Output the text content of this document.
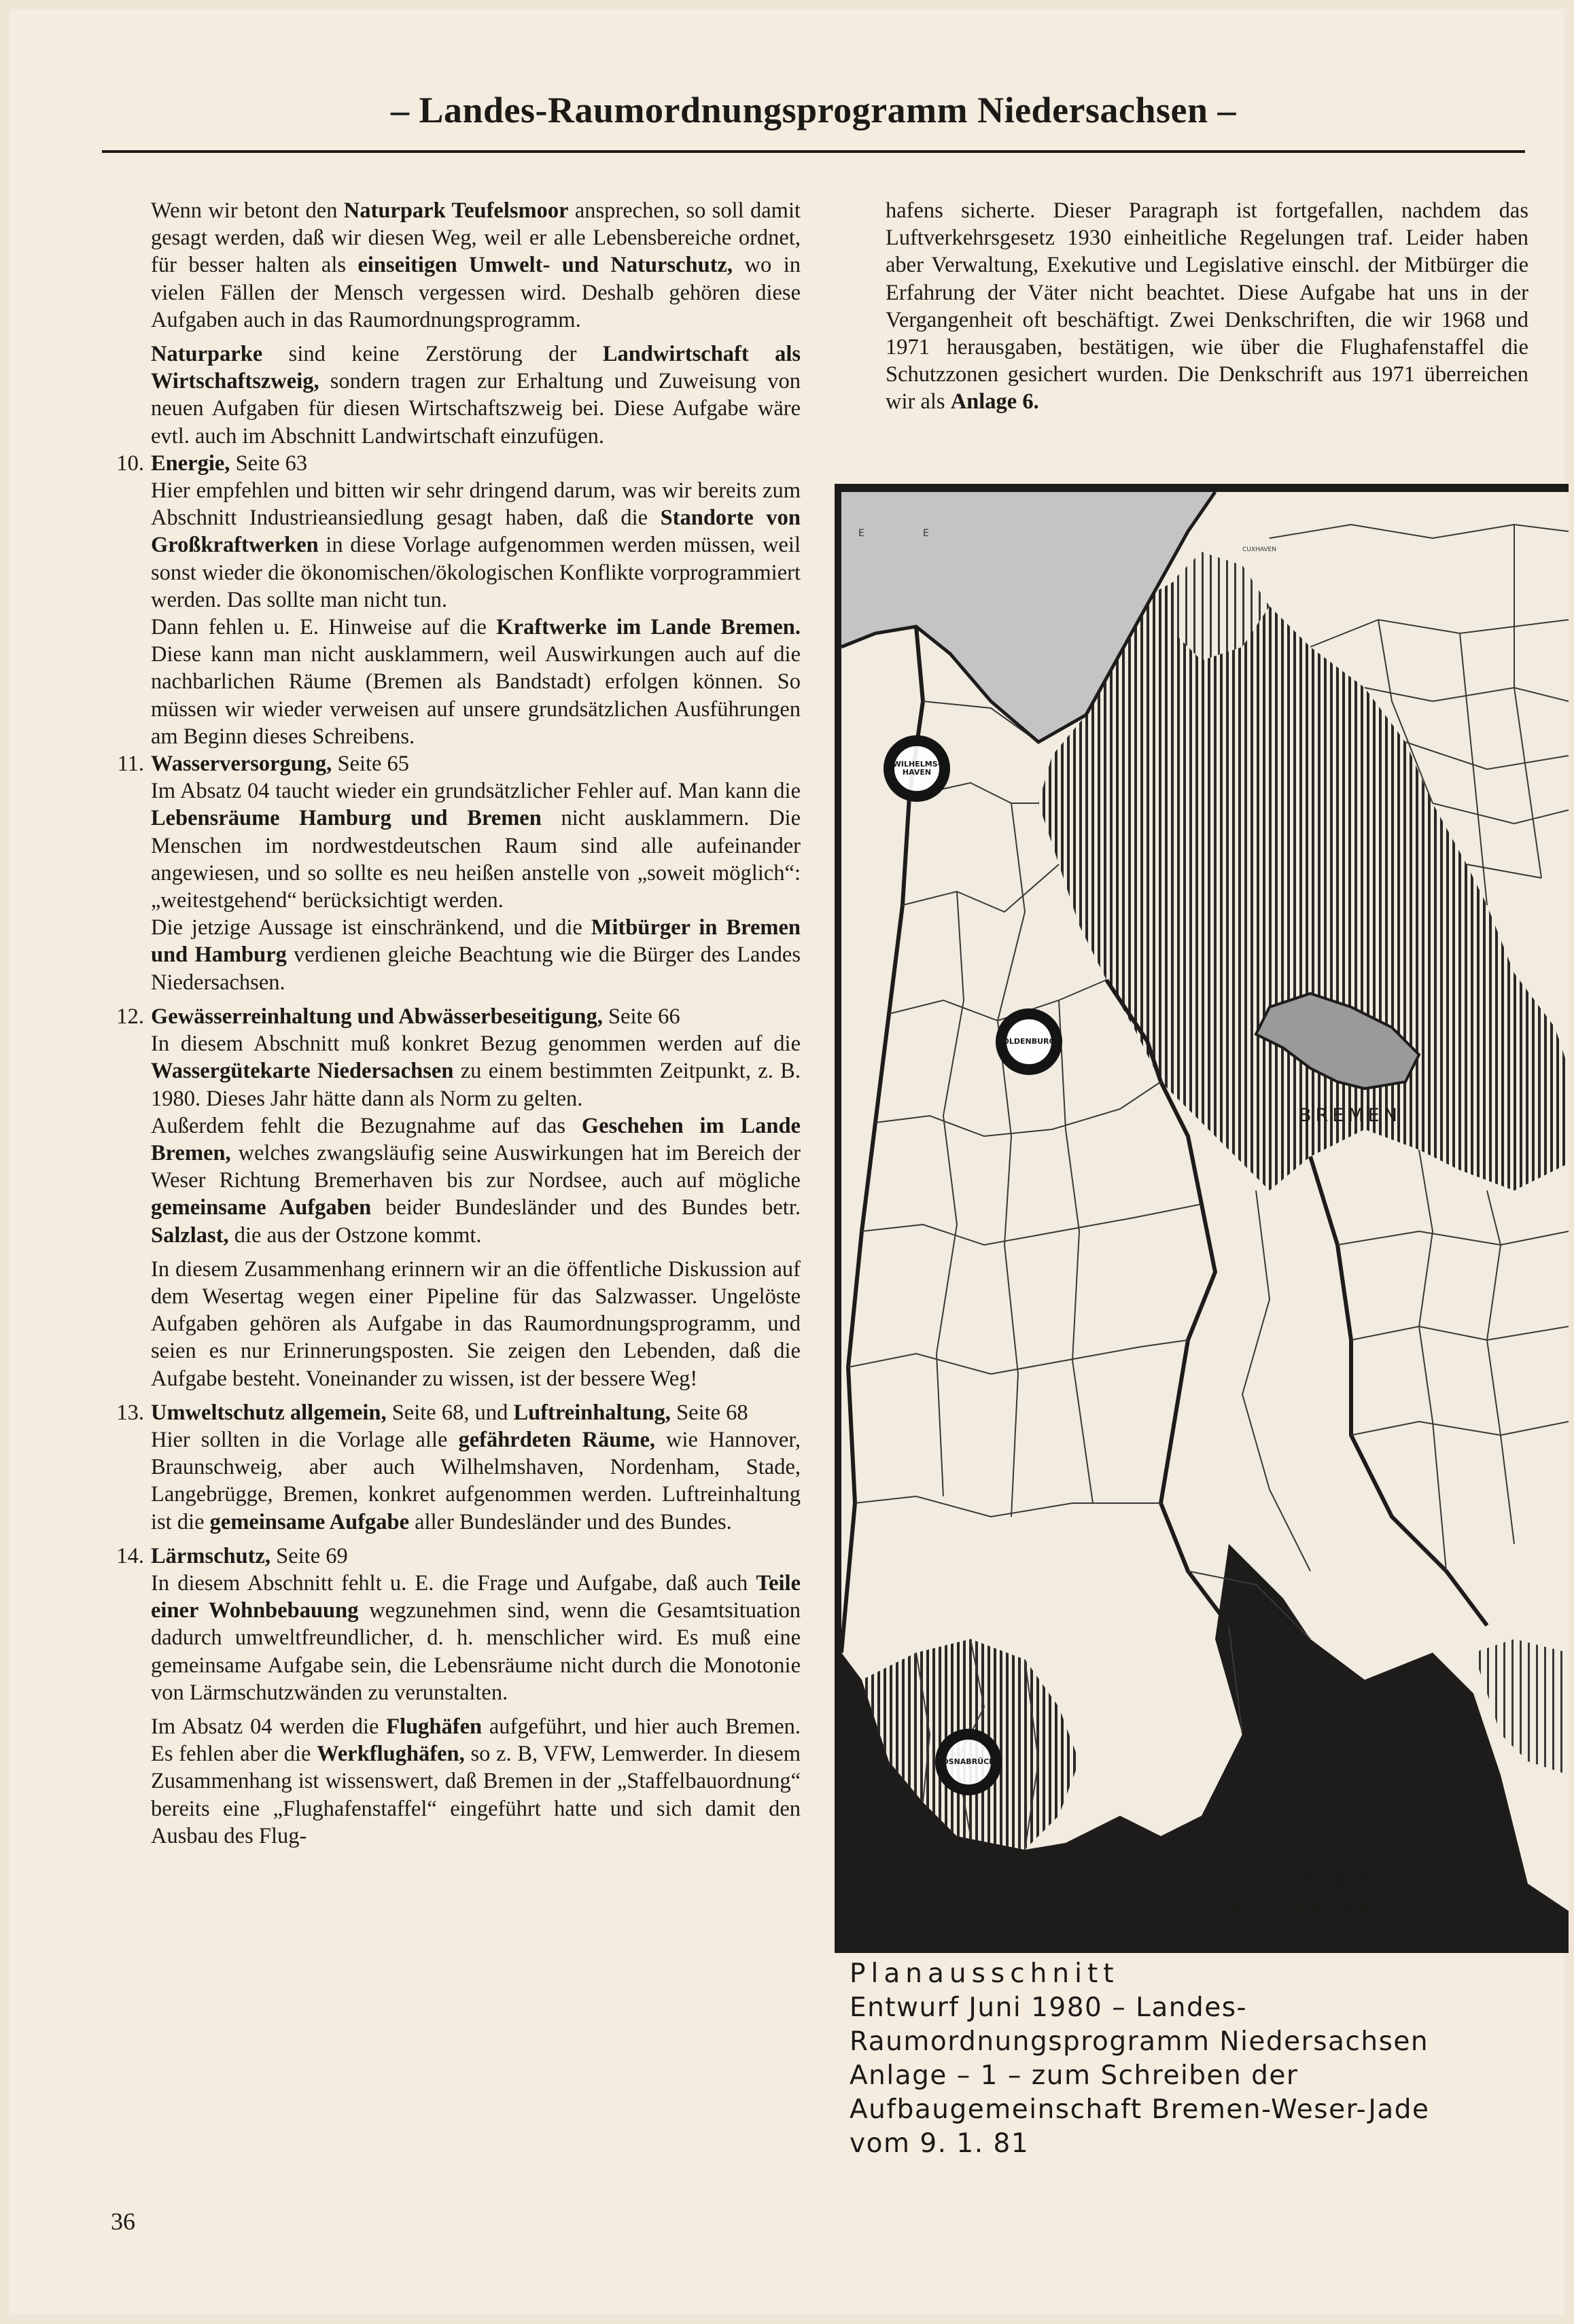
– Landes-Raumordnungsprogramm Niedersachsen –

Wenn wir betont den Naturpark Teufelsmoor ansprechen, so soll damit gesagt werden, daß wir diesen Weg, weil er alle Lebensbereiche ordnet, für besser halten als einseitigen Umwelt- und Naturschutz, wo in vielen Fällen der Mensch vergessen wird. Deshalb gehören diese Aufgaben auch in das Raumordnungsprogramm.

Naturparke sind keine Zerstörung der Landwirtschaft als Wirtschaftszweig, sondern tragen zur Erhaltung und Zuweisung von neuen Aufgaben für diesen Wirtschaftszweig bei. Diese Aufgabe wäre evtl. auch im Abschnitt Landwirtschaft einzufügen.

10. Energie, Seite 63

Hier empfehlen und bitten wir sehr dringend darum, was wir bereits zum Abschnitt Industrieansiedlung gesagt haben, daß die Standorte von Großkraftwerken in diese Vorlage aufgenommen werden müssen, weil sonst wieder die ökonomischen/ökologischen Konflikte vorprogrammiert werden. Das sollte man nicht tun.

Dann fehlen u. E. Hinweise auf die Kraftwerke im Lande Bremen. Diese kann man nicht ausklammern, weil Auswirkungen auch auf die nachbarlichen Räume (Bremen als Bandstadt) erfolgen können. So müssen wir wieder verweisen auf unsere grundsätzlichen Ausführungen am Beginn dieses Schreibens.

11. Wasserversorgung, Seite 65

Im Absatz 04 taucht wieder ein grundsätzlicher Fehler auf. Man kann die Lebensräume Hamburg und Bremen nicht ausklammern. Die Menschen im nordwestdeutschen Raum sind alle aufeinander angewiesen, und so sollte es neu heißen anstelle von „soweit möglich“: „weitestgehend“ berücksichtigt werden.

Die jetzige Aussage ist einschränkend, und die Mitbürger in Bremen und Hamburg verdienen gleiche Beachtung wie die Bürger des Landes Niedersachsen.

12. Gewässerreinhaltung und Abwässerbeseitigung, Seite 66

In diesem Abschnitt muß konkret Bezug genommen werden auf die Wassergütekarte Niedersachsen zu einem bestimmten Zeitpunkt, z. B. 1980. Dieses Jahr hätte dann als Norm zu gelten.

Außerdem fehlt die Bezugnahme auf das Geschehen im Lande Bremen, welches zwangsläufig seine Auswirkungen hat im Bereich der Weser Richtung Bremerhaven bis zur Nordsee, auch auf mögliche gemeinsame Aufgaben beider Bundesländer und des Bundes betr. Salzlast, die aus der Ostzone kommt.

In diesem Zusammenhang erinnern wir an die öffentliche Diskussion auf dem Wesertag wegen einer Pipeline für das Salzwasser. Ungelöste Aufgaben gehören als Aufgabe in das Raumordnungsprogramm, und seien es nur Erinnerungsposten. Sie zeigen den Lebenden, daß die Aufgabe besteht. Voneinander zu wissen, ist der bessere Weg!

13. Umweltschutz allgemein, Seite 68, und Luftreinhaltung, Seite 68

Hier sollten in die Vorlage alle gefährdeten Räume, wie Hannover, Braunschweig, aber auch Wilhelmshaven, Nordenham, Stade, Langebrügge, Bremen, konkret aufgenommen werden. Luftreinhaltung ist die gemeinsame Aufgabe aller Bundesländer und des Bundes.

14. Lärmschutz, Seite 69

In diesem Abschnitt fehlt u. E. die Frage und Aufgabe, daß auch Teile einer Wohnbebauung wegzunehmen sind, wenn die Gesamtsituation dadurch umweltfreundlicher, d. h. menschlicher wird. Es muß eine gemeinsame Aufgabe sein, die Lebensräume nicht durch die Monotonie von Lärmschutzwänden zu verunstalten.

Im Absatz 04 werden die Flughäfen aufgeführt, und hier auch Bremen. Es fehlen aber die Werkflughäfen, so z. B, VFW, Lemwerder. In diesem Zusammenhang ist wissenswert, daß Bremen in der „Staffelbauordnung“ bereits eine „Flughafenstaffel“ eingeführt hatte und sich damit den Ausbau des Flug-

hafens sicherte. Dieser Paragraph ist fortgefallen, nachdem das Luftverkehrsgesetz 1930 einheitliche Regelungen traf. Leider haben aber Verwaltung, Exekutive und Legislative einschl. der Mitbürger die Erfahrung der Väter nicht beachtet. Diese Aufgabe hat uns in der Vergangenheit oft beschäftigt. Zwei Denkschriften, die wir 1968 und 1971 herausgaben, bestätigen, wie über die Flughafenstaffel die Schutzzonen gesichert wurden. Die Denkschrift aus 1971 überreichen wir als Anlage 6.

WILHELMS-HAVEN
OLDENBURG
OSNABRÜCK
BREMEN
NORDRHEIN -
WESTFALEN
CUXHAVEN
E	E
Planausschnitt
Entwurf Juni 1980 – Landes-
Raumordnungsprogramm Niedersachsen
Anlage – 1 – zum Schreiben der
Aufbaugemeinschaft Bremen-Weser-Jade
vom 9. 1. 81
36
